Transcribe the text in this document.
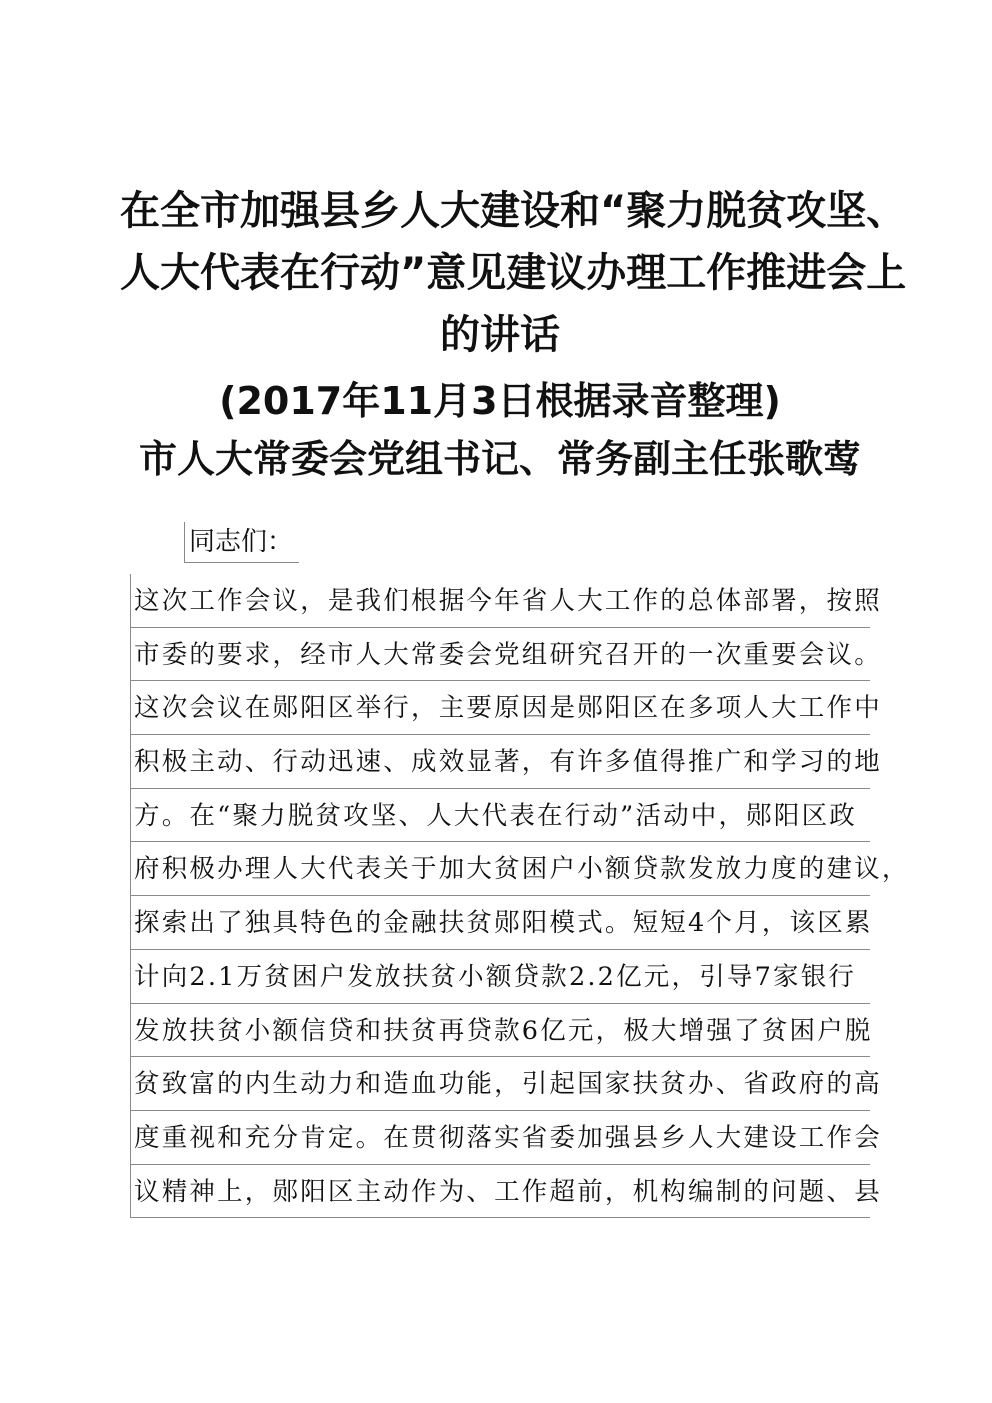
在全市加强县乡人大建设和“聚力脱贫攻坚、
人大代表在行动”意见建议办理工作推进会上
的讲话
(2017年11月3日根据录音整理)
市人大常委会党组书记、常务副主任张歌莺
同志们：
这次工作会议，是我们根据今年省人大工作的总体部署，按照
市委的要求，经市人大常委会党组研究召开的一次重要会议。
这次会议在郧阳区举行，主要原因是郧阳区在多项人大工作中
积极主动、行动迅速、成效显著，有许多值得推广和学习的地
方。在“聚力脱贫攻坚、人大代表在行动”活动中，郧阳区政
府积极办理人大代表关于加大贫困户小额贷款发放力度的建议，
探索出了独具特色的金融扶贫郧阳模式。短短4个月，该区累
计向2.1万贫困户发放扶贫小额贷款2.2亿元，引导7家银行
发放扶贫小额信贷和扶贫再贷款6亿元，极大增强了贫困户脱
贫致富的内生动力和造血功能，引起国家扶贫办、省政府的高
度重视和充分肯定。在贯彻落实省委加强县乡人大建设工作会
议精神上，郧阳区主动作为、工作超前，机构编制的问题、县
